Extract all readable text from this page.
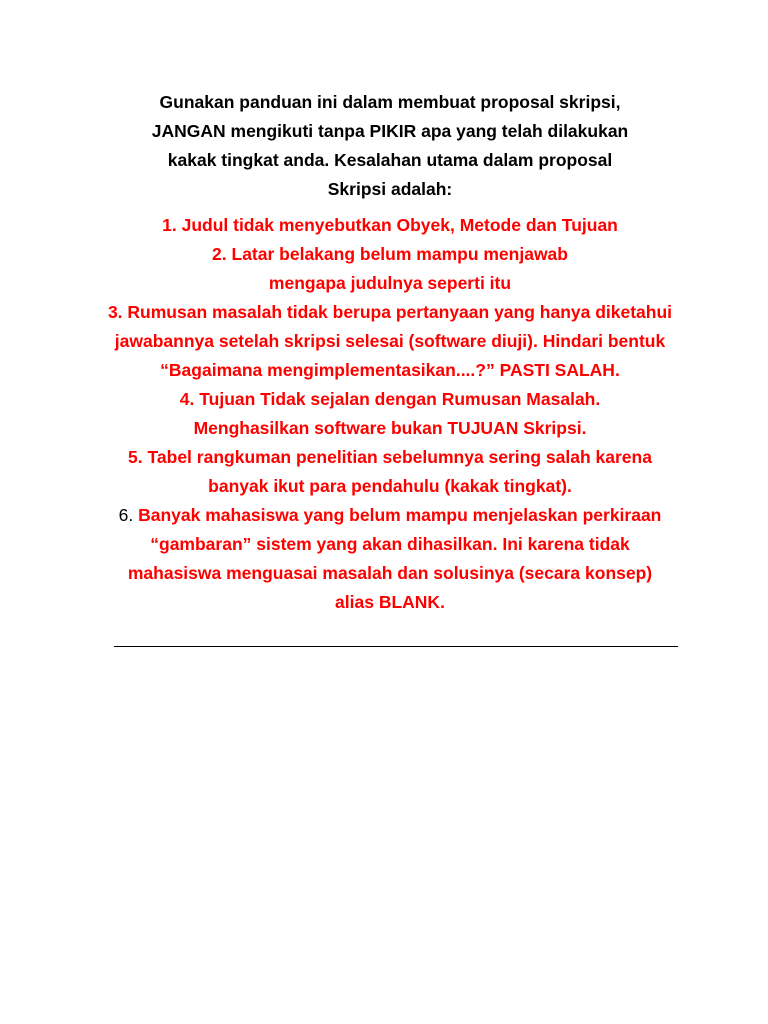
Gunakan panduan ini dalam membuat proposal skripsi,

JANGAN mengikuti tanpa PIKIR apa yang telah dilakukan

kakak tingkat anda. Kesalahan utama dalam proposal

Skripsi adalah:

1. Judul tidak menyebutkan Obyek, Metode dan Tujuan

2. Latar belakang belum mampu menjawab mengapa judulnya seperti itu

3. Rumusan masalah tidak berupa pertanyaan yang hanya diketahui jawabannya setelah skripsi selesai (software diuji). Hindari bentuk “Bagaimana mengimplementasikan....?” PASTI SALAH.

4. Tujuan Tidak sejalan dengan Rumusan Masalah. Menghasilkan software bukan TUJUAN Skripsi.

5. Tabel rangkuman penelitian sebelumnya sering salah karena banyak ikut para pendahulu (kakak tingkat).

6. Banyak mahasiswa yang belum mampu menjelaskan perkiraan “gambaran” sistem yang akan dihasilkan. Ini karena tidak mahasiswa menguasai masalah dan solusinya (secara konsep) alias BLANK.
